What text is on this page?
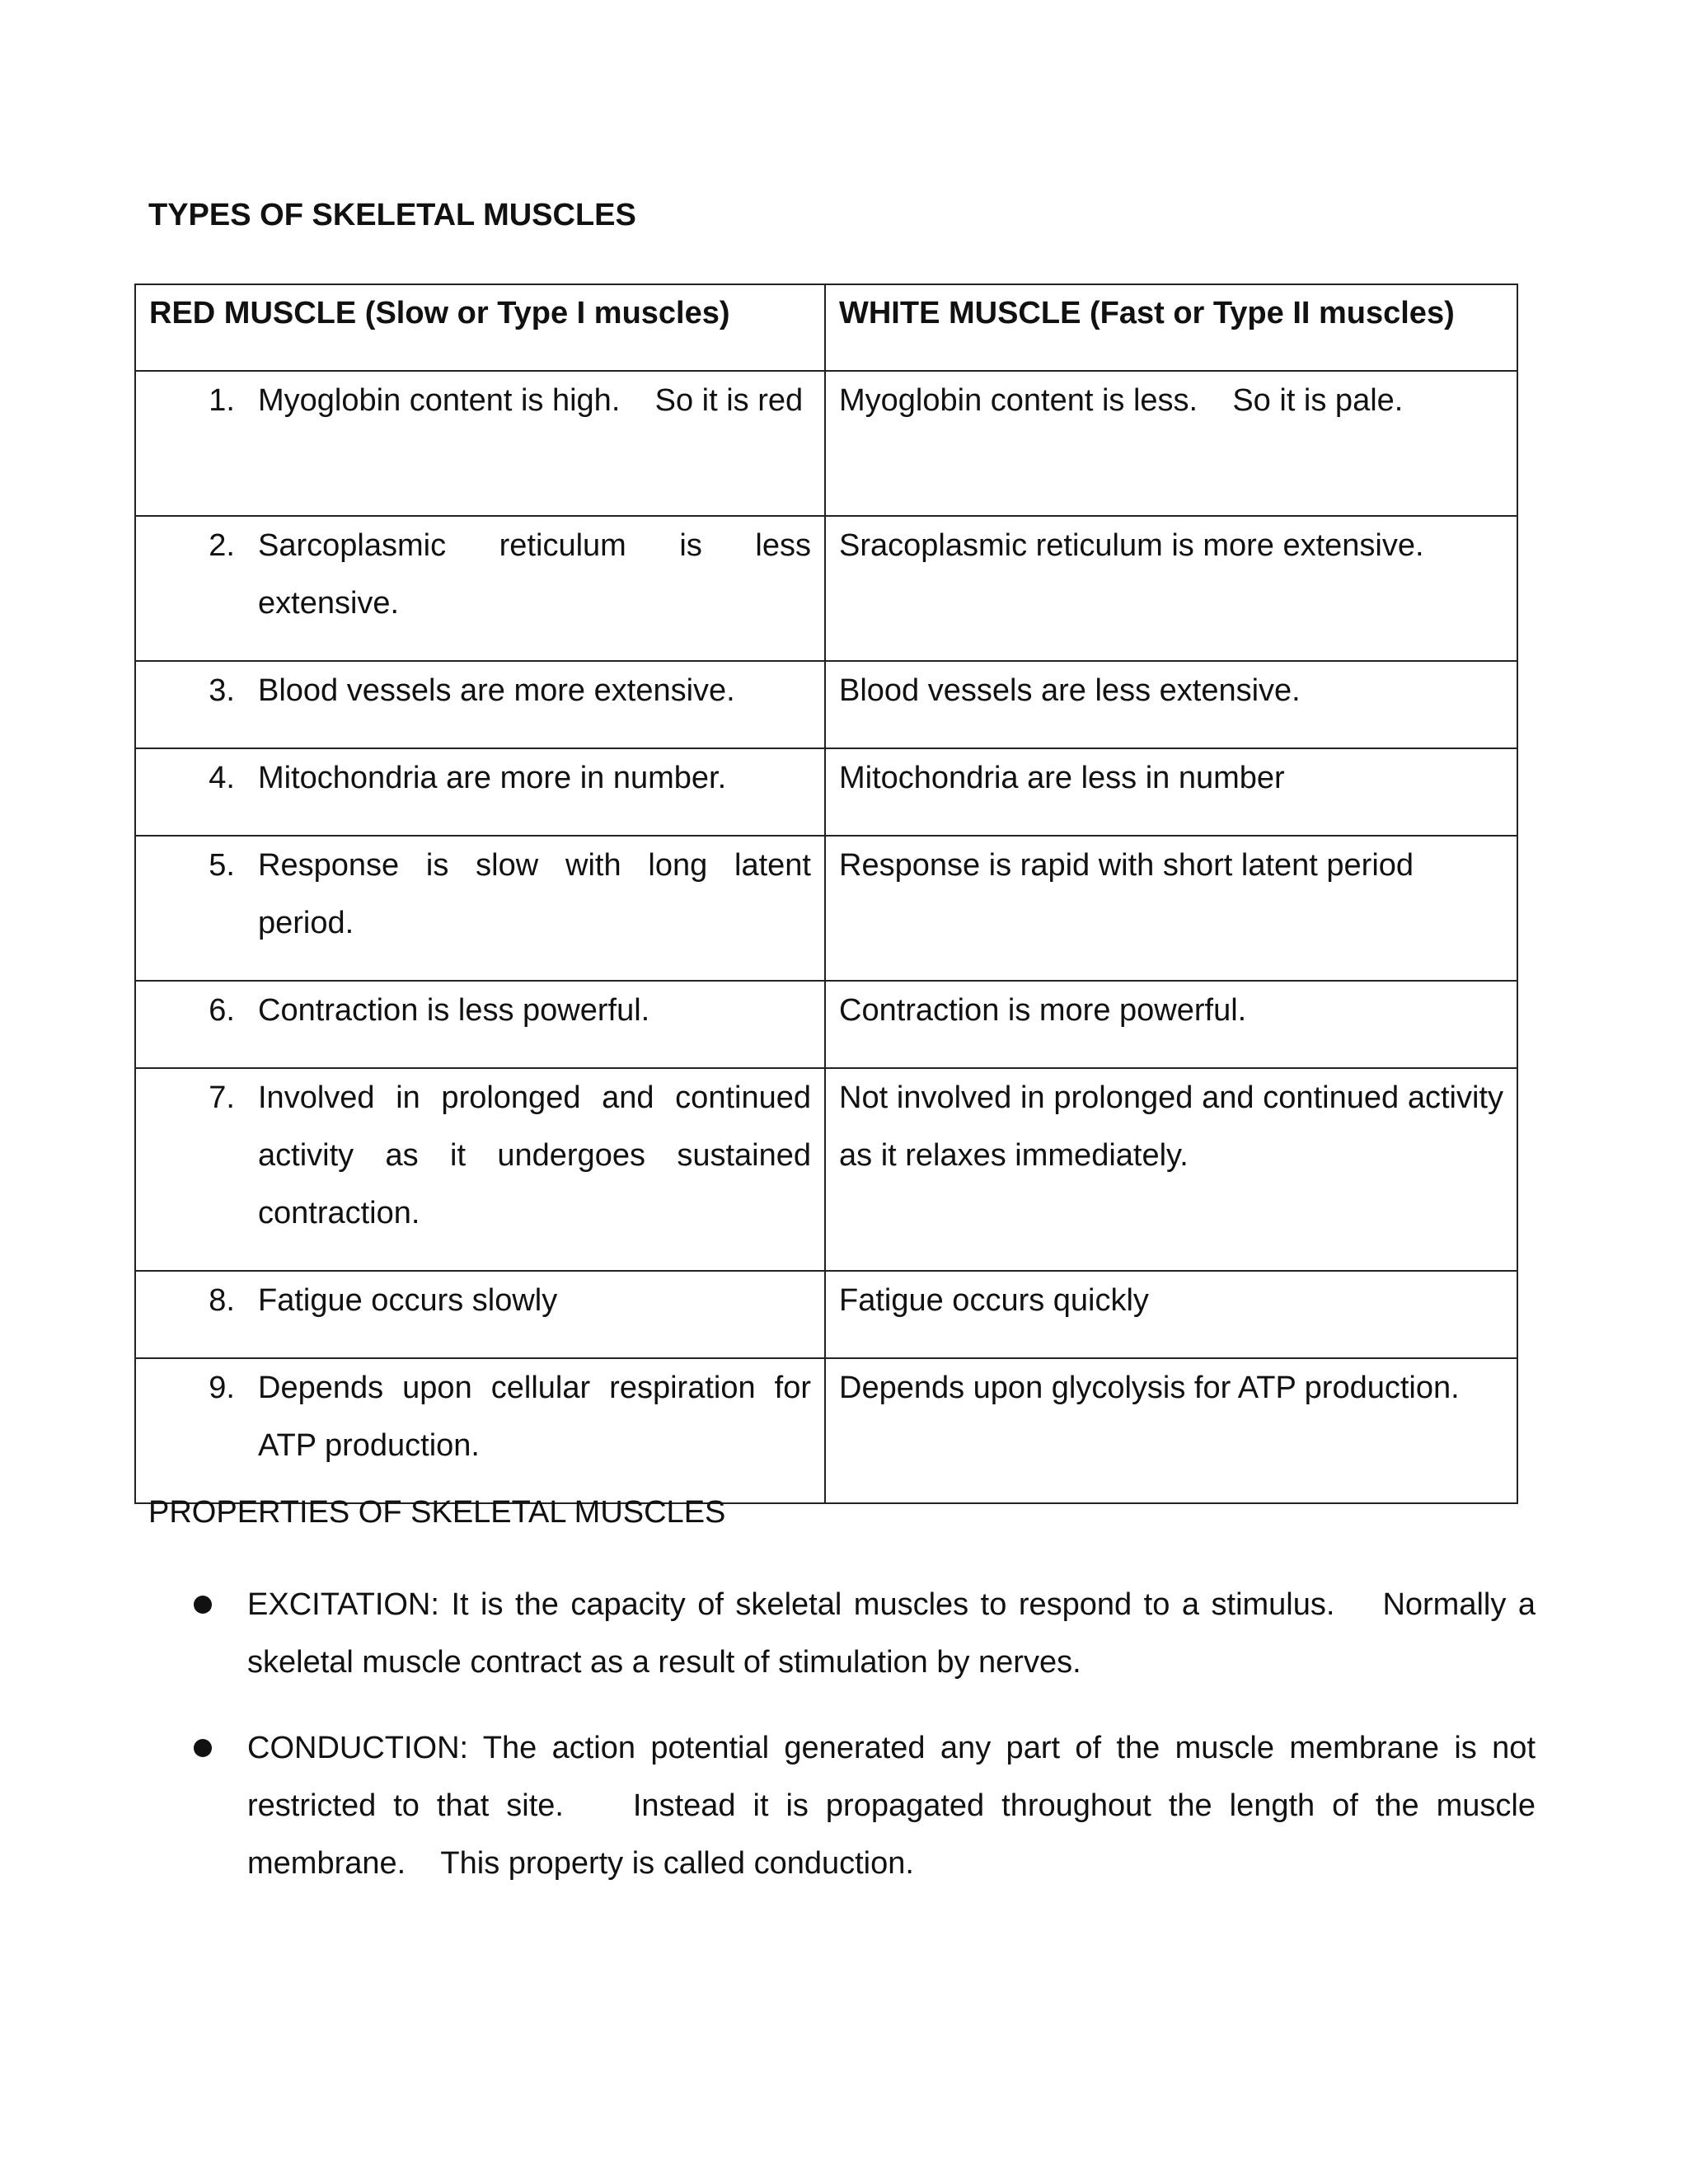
TYPES OF SKELETAL MUSCLES
RED MUSCLE (Slow or Type I muscles)	WHITE MUSCLE (Fast or Type II muscles)

1. Myoglobin content is high.    So it is red	Myoglobin content is less.    So it is pale.

2. Sarcoplasmic reticulum is less extensive.	Sracoplasmic reticulum is more extensive.

3. Blood vessels are more extensive.	Blood vessels are less extensive.

4. Mitochondria are more in number.	Mitochondria are less in number

5. Response is slow with long latent period.	Response is rapid with short latent period

6. Contraction is less powerful.	Contraction is more powerful.

7. Involved in prolonged and continued activity as it undergoes sustained contraction.	Not involved in prolonged and continued activity as it relaxes immediately.

8. Fatigue occurs slowly	Fatigue occurs quickly

9. Depends upon cellular respiration for ATP production.	Depends upon glycolysis for ATP production.
PROPERTIES OF SKELETAL MUSCLES
EXCITATION: It is the capacity of skeletal muscles to respond to a stimulus.    Normally a skeletal muscle contract as a result of stimulation by nerves.
CONDUCTION: The action potential generated any part of the muscle membrane is not restricted to that site.    Instead it is propagated throughout the length of the muscle membrane.    This property is called conduction.
